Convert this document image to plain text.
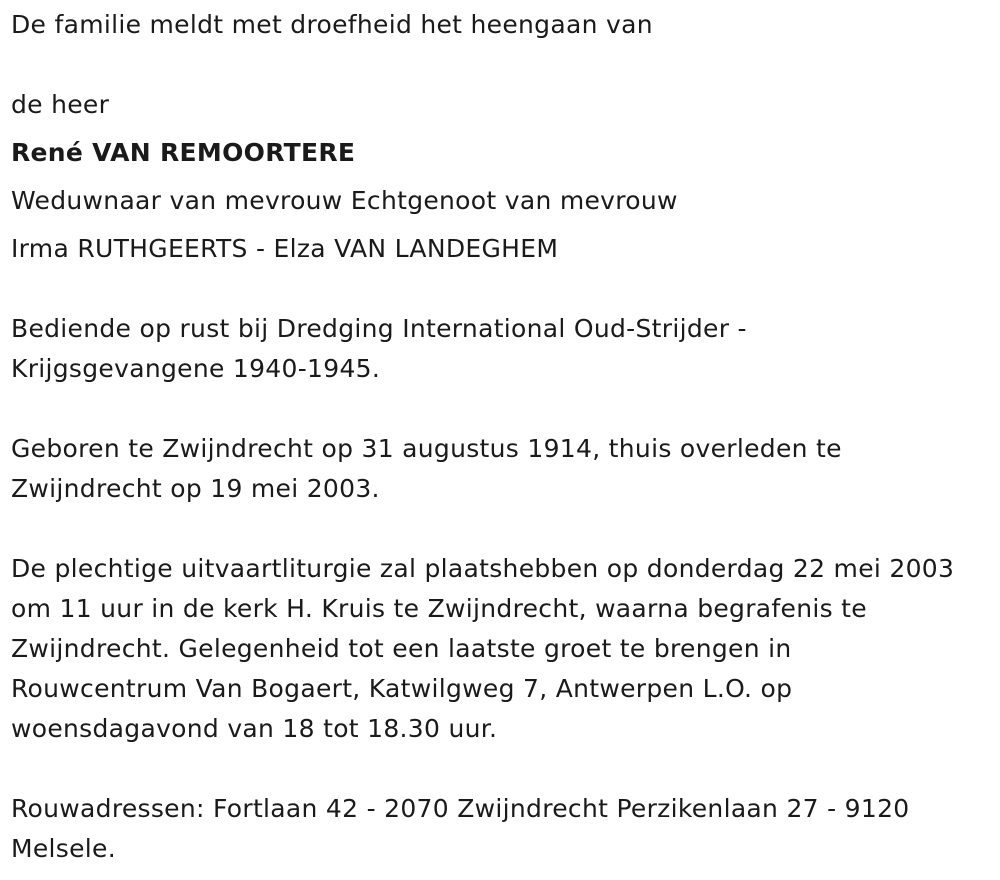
De familie meldt met droefheid het heengaan van
de heer
René VAN REMOORTERE
Weduwnaar van mevrouw Echtgenoot van mevrouw
Irma RUTHGEERTS - Elza VAN LANDEGHEM
Bediende op rust bij Dredging International Oud-Strijder -
Krijgsgevangene 1940-1945.
Geboren te Zwijndrecht op 31 augustus 1914, thuis overleden te
Zwijndrecht op 19 mei 2003.
De plechtige uitvaartliturgie zal plaatshebben op donderdag 22 mei 2003
om 11 uur in de kerk H. Kruis te Zwijndrecht, waarna begrafenis te
Zwijndrecht. Gelegenheid tot een laatste groet te brengen in
Rouwcentrum Van Bogaert, Katwilgweg 7, Antwerpen L.O. op
woensdagavond van 18 tot 18.30 uur.
Rouwadressen: Fortlaan 42 - 2070 Zwijndrecht Perzikenlaan 27 - 9120
Melsele.
